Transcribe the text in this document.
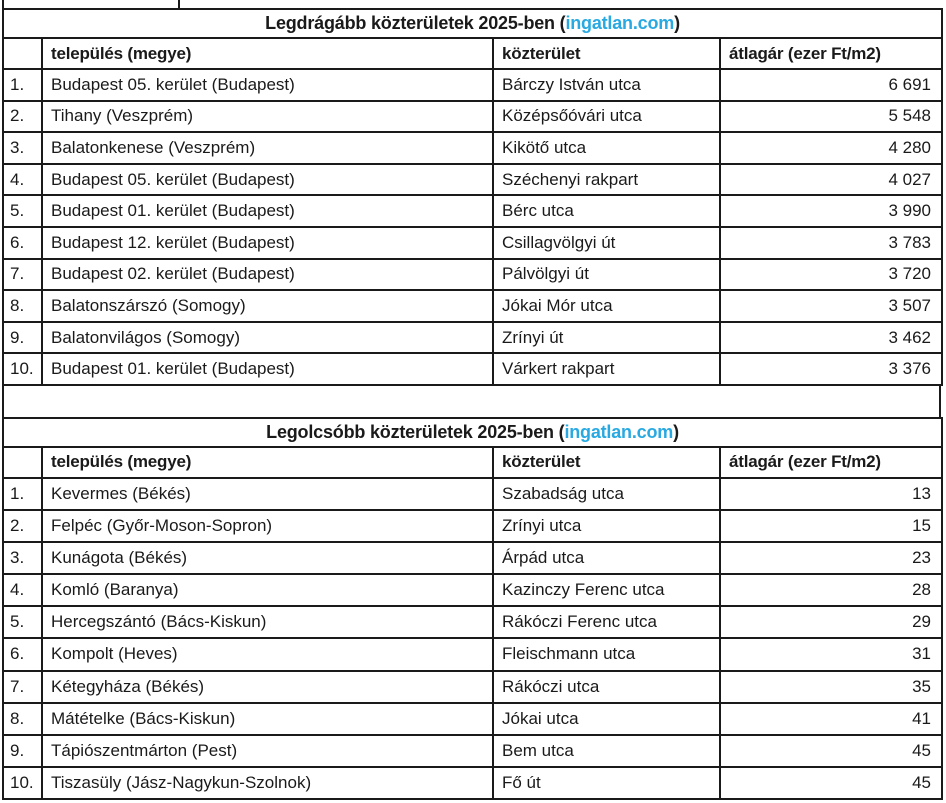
Legdrágább közterületek 2025-ben (ingatlan.com)			
	település (megye)	közterület	átlagár (ezer Ft/m2)
1.	Budapest 05. kerület (Budapest)	Bárczy István utca	6 691
2.	Tihany (Veszprém)	Középsőóvári utca	5 548
3.	Balatonkenese (Veszprém)	Kikötő utca	4 280
4.	Budapest 05. kerület (Budapest)	Széchenyi rakpart	4 027
5.	Budapest 01. kerület (Budapest)	Bérc utca	3 990
6.	Budapest 12. kerület (Budapest)	Csillagvölgyi út	3 783
7.	Budapest 02. kerület (Budapest)	Pálvölgyi út	3 720
8.	Balatonszárszó (Somogy)	Jókai Mór utca	3 507
9.	Balatonvilágos (Somogy)	Zrínyi út	3 462
10.	Budapest 01. kerület (Budapest)	Várkert rakpart	3 376
Legolcsóbb közterületek 2025-ben (ingatlan.com)			
	település (megye)	közterület	átlagár (ezer Ft/m2)
1.	Kevermes (Békés)	Szabadság utca	13
2.	Felpéc (Győr-Moson-Sopron)	Zrínyi utca	15
3.	Kunágota (Békés)	Árpád utca	23
4.	Komló (Baranya)	Kazinczy Ferenc utca	28
5.	Hercegszántó (Bács-Kiskun)	Rákóczi Ferenc utca	29
6.	Kompolt (Heves)	Fleischmann utca	31
7.	Kétegyháza (Békés)	Rákóczi utca	35
8.	Mátételke (Bács-Kiskun)	Jókai utca	41
9.	Tápiószentmárton (Pest)	Bem utca	45
10.	Tiszasüly (Jász-Nagykun-Szolnok)	Fő út	45
